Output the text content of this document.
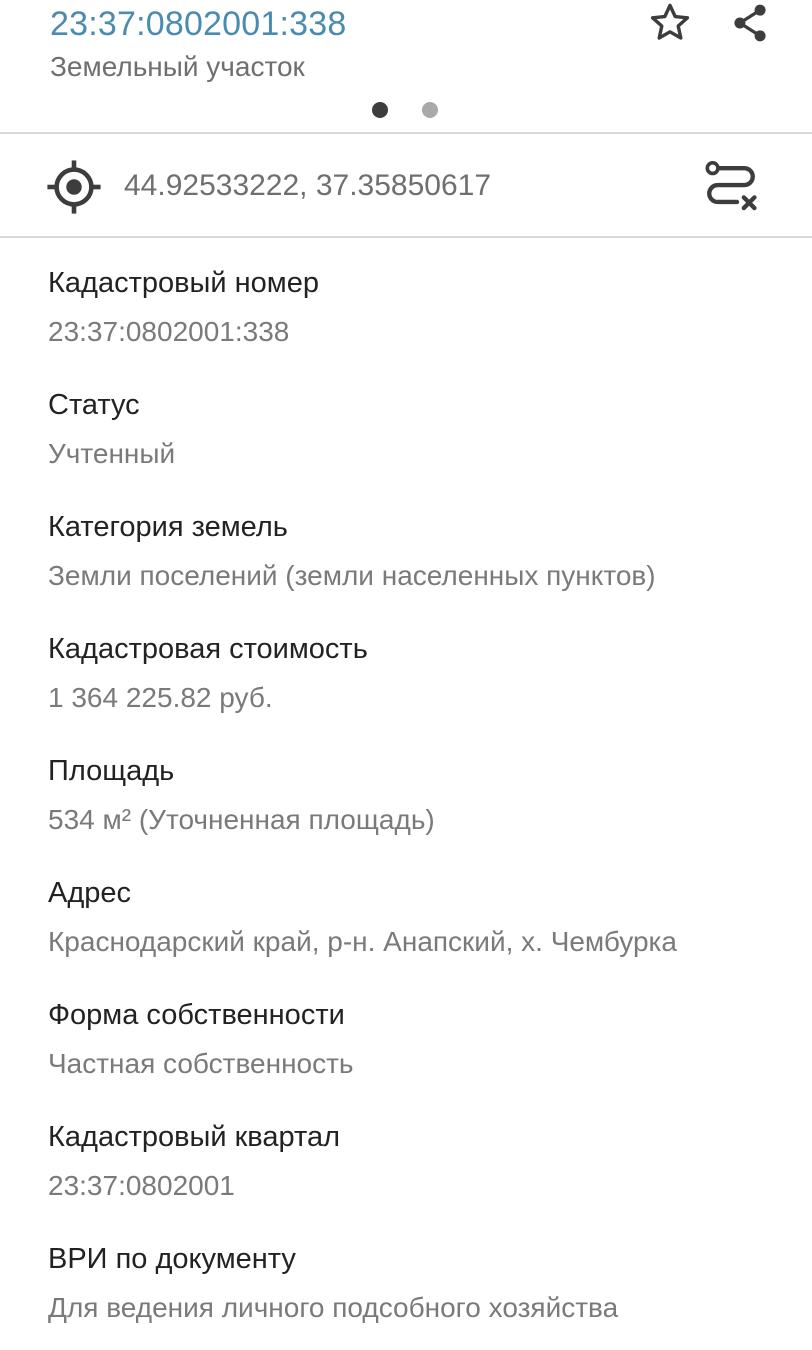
23:37:0802001:338
Земельный участок
44.92533222, 37.35850617
Кадастровый номер
23:37:0802001:338
Статус
Учтенный
Категория земель
Земли поселений (земли населенных пунктов)
Кадастровая стоимость
1 364 225.82 руб.
Площадь
534 м² (Уточненная площадь)
Адрес
Краснодарский край, р-н. Анапский, х. Чембурка
Форма собственности
Частная собственность
Кадастровый квартал
23:37:0802001
ВРИ по документу
Для ведения личного подсобного хозяйства
